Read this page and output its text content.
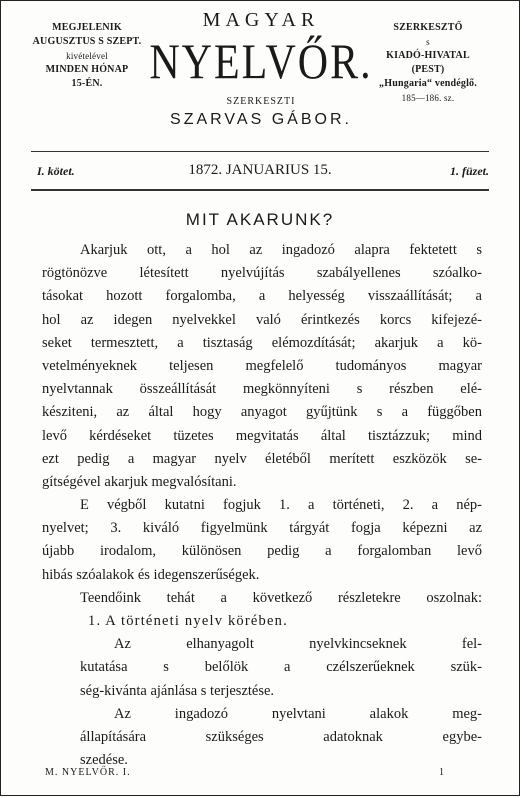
MEGJELENIK
AUGUSZTUS S SZEPT.
kivételével
MINDEN HÓNAP
15-ÉN.
MAGYAR
NYELVŐR.
SZERKESZTI
SZARVAS GÁBOR.
SZERKESZTŐ
s
KIADÓ-HIVATAL
(PEST)
„Hungaria“ vendéglő.
185—186. sz.
I. kötet.	1872. JANUARIUS 15.	1. füzet.
MIT AKARUNK?
Akarjuk ott, a hol az ingadozó alapra fektetett s
rögtönözve létesített nyelvújítás szabályellenes szóalko-
tásokat hozott forgalomba, a helyesség visszaállítását; a
hol az idegen nyelvekkel való érintkezés korcs kifejezé-
seket termesztett, a tisztaság elémozdítását; akarjuk a kö-
vetelményeknek teljesen megfelelő tudományos magyar
nyelvtannak összeállítását megkönnyíteni s részben elé-
késziteni, az által hogy anyagot gyűjtünk s a függőben
levő kérdéseket tüzetes megvitatás által tisztázzuk; mind
ezt pedig a magyar nyelv életéből merített eszközök se-
gítségével akarjuk megvalósítani.
E végből kutatni fogjuk 1. a történeti, 2. a nép-
nyelvet; 3. kiváló figyelmünk tárgyát fogja képezni az
újabb irodalom, különösen pedig a forgalomban levő
hibás szóalakok és idegenszerűségek.
Teendőink tehát a következő részletekre oszolnak:
1. A történeti nyelv körében.
Az elhanyagolt nyelvkincseknek fel-
kutatása s belőlök a czélszerűeknek szük-
ség-kivánta ajánlása s terjesztése.
Az ingadozó nyelvtani alakok meg-
állapítására szükséges adatoknak egybe-
szedése.
M. NYELVŐR. I.	1
